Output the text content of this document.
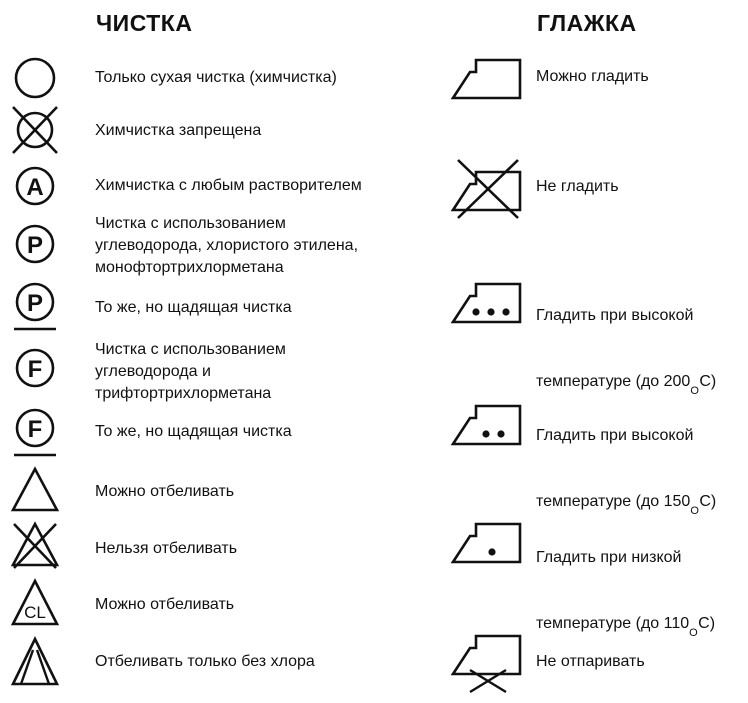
ЧИСТКА	ГЛАЖКА
A
P
P
F
F
CL
Только сухая чистка (химчистка)
Химчистка запрещена
Химчистка с любым растворителем
Чистка с использованием
углеводорода, хлористого этилена,
монофтортрихлорметана
То же, но щадящая чистка
Чистка с использованием
углеводорода и
трифтортрихлорметана
То же, но щадящая чистка
Можно отбеливать
Нельзя отбеливать
Можно отбеливать
Отбеливать только без хлора
Можно гладить
Не гладить

Гладить при высокой

температуре (до 200
O
C)

Гладить при высокой

температуре (до 150
O
C)

Гладить при низкой

температуре (до 110
O
C)

Не отпаривать
